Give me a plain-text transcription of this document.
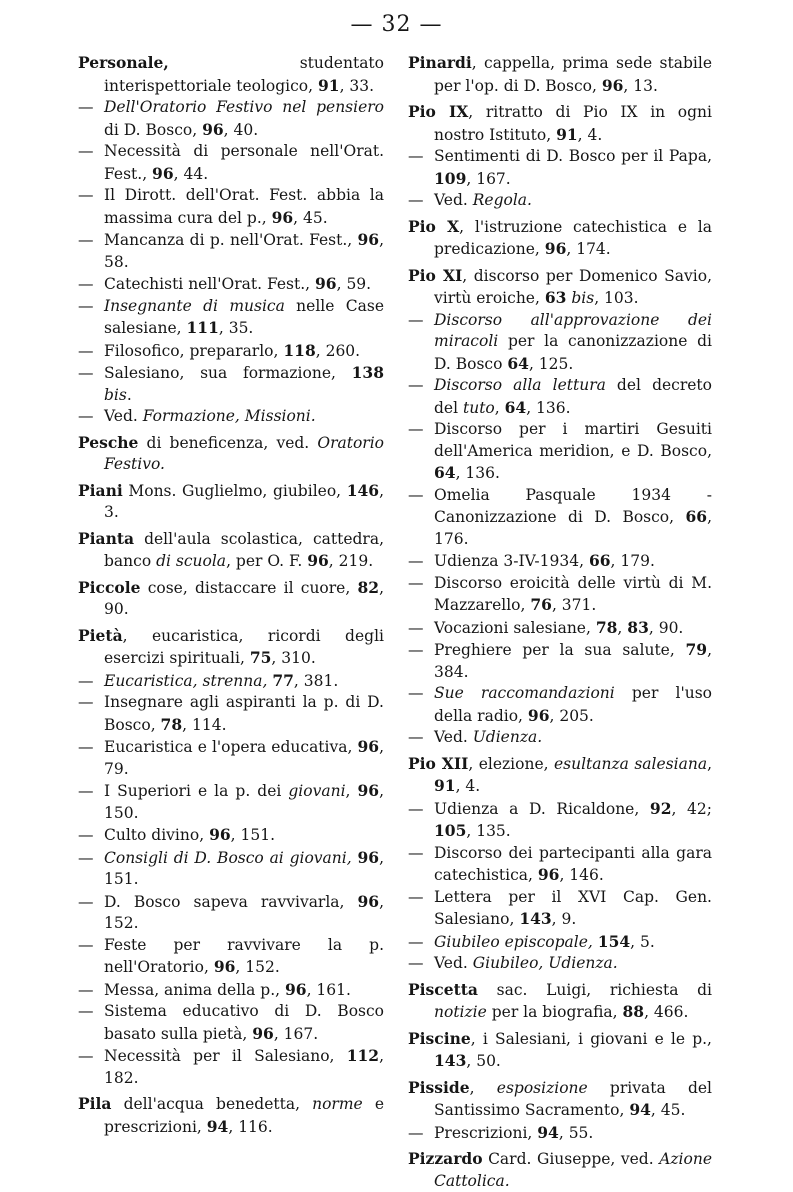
— 32 —
Personale, studentato interispettoriale teologico, 91, 33.
— Dell'Oratorio Festivo nel pensiero di D. Bosco, 96, 40.
— Necessità di personale nell'Orat. Fest., 96, 44.
— Il Dirott. dell'Orat. Fest. abbia la massima cura del p., 96, 45.
— Mancanza di p. nell'Orat. Fest., 96, 58.
— Catechisti nell'Orat. Fest., 96, 59.
— Insegnante di musica nelle Case salesiane, 111, 35.
— Filosofico, prepararlo, 118, 260.
— Salesiano, sua formazione, 138 bis.
— Ved. Formazione, Missioni.
Pesche di beneficenza, ved. Oratorio Festivo.
Piani Mons. Guglielmo, giubileo, 146, 3.
Pianta dell'aula scolastica, cattedra, banco di scuola, per O. F. 96, 219.
Piccole cose, distaccare il cuore, 82, 90.
Pietà, eucaristica, ricordi degli esercizi spirituali, 75, 310.
— Eucaristica, strenna, 77, 381.
— Insegnare agli aspiranti la p. di D. Bosco, 78, 114.
— Eucaristica e l'opera educativa, 96, 79.
— I Superiori e la p. dei giovani, 96, 150.
— Culto divino, 96, 151.
— Consigli di D. Bosco ai giovani, 96, 151.
— D. Bosco sapeva ravvivarla, 96, 152.
— Feste per ravvivare la p. nell'Oratorio, 96, 152.
— Messa, anima della p., 96, 161.
— Sistema educativo di D. Bosco basato sulla pietà, 96, 167.
— Necessità per il Salesiano, 112, 182.
Pila dell'acqua benedetta, norme e prescrizioni, 94, 116.
Pinardi, cappella, prima sede stabile per l'op. di D. Bosco, 96, 13.
Pio IX, ritratto di Pio IX in ogni nostro Istituto, 91, 4.
— Sentimenti di D. Bosco per il Papa, 109, 167.
— Ved. Regola.
Pio X, l'istruzione catechistica e la predicazione, 96, 174.
Pio XI, discorso per Domenico Savio, virtù eroiche, 63 bis, 103.
— Discorso all'approvazione dei miracoli per la canonizzazione di D. Bosco 64, 125.
— Discorso alla lettura del decreto del tuto, 64, 136.
— Discorso per i martiri Gesuiti dell'America meridion, e D. Bosco, 64, 136.
— Omelia Pasquale 1934 - Canonizzazione di D. Bosco, 66, 176.
— Udienza 3-IV-1934, 66, 179.
— Discorso eroicità delle virtù di M. Mazzarello, 76, 371.
— Vocazioni salesiane, 78, 83, 90.
— Preghiere per la sua salute, 79, 384.
— Sue raccomandazioni per l'uso della radio, 96, 205.
— Ved. Udienza.
Pio XII, elezione, esultanza salesiana, 91, 4.
— Udienza a D. Ricaldone, 92, 42; 105, 135.
— Discorso dei partecipanti alla gara catechistica, 96, 146.
— Lettera per il XVI Cap. Gen. Salesiano, 143, 9.
— Giubileo episcopale, 154, 5.
— Ved. Giubileo, Udienza.
Piscetta sac. Luigi, richiesta di notizie per la biografia, 88, 466.
Piscine, i Salesiani, i giovani e le p., 143, 50.
Pisside, esposizione privata del Santissimo Sacramento, 94, 45.
— Prescrizioni, 94, 55.
Pizzardo Card. Giuseppe, ved. Azione Cattolica.
